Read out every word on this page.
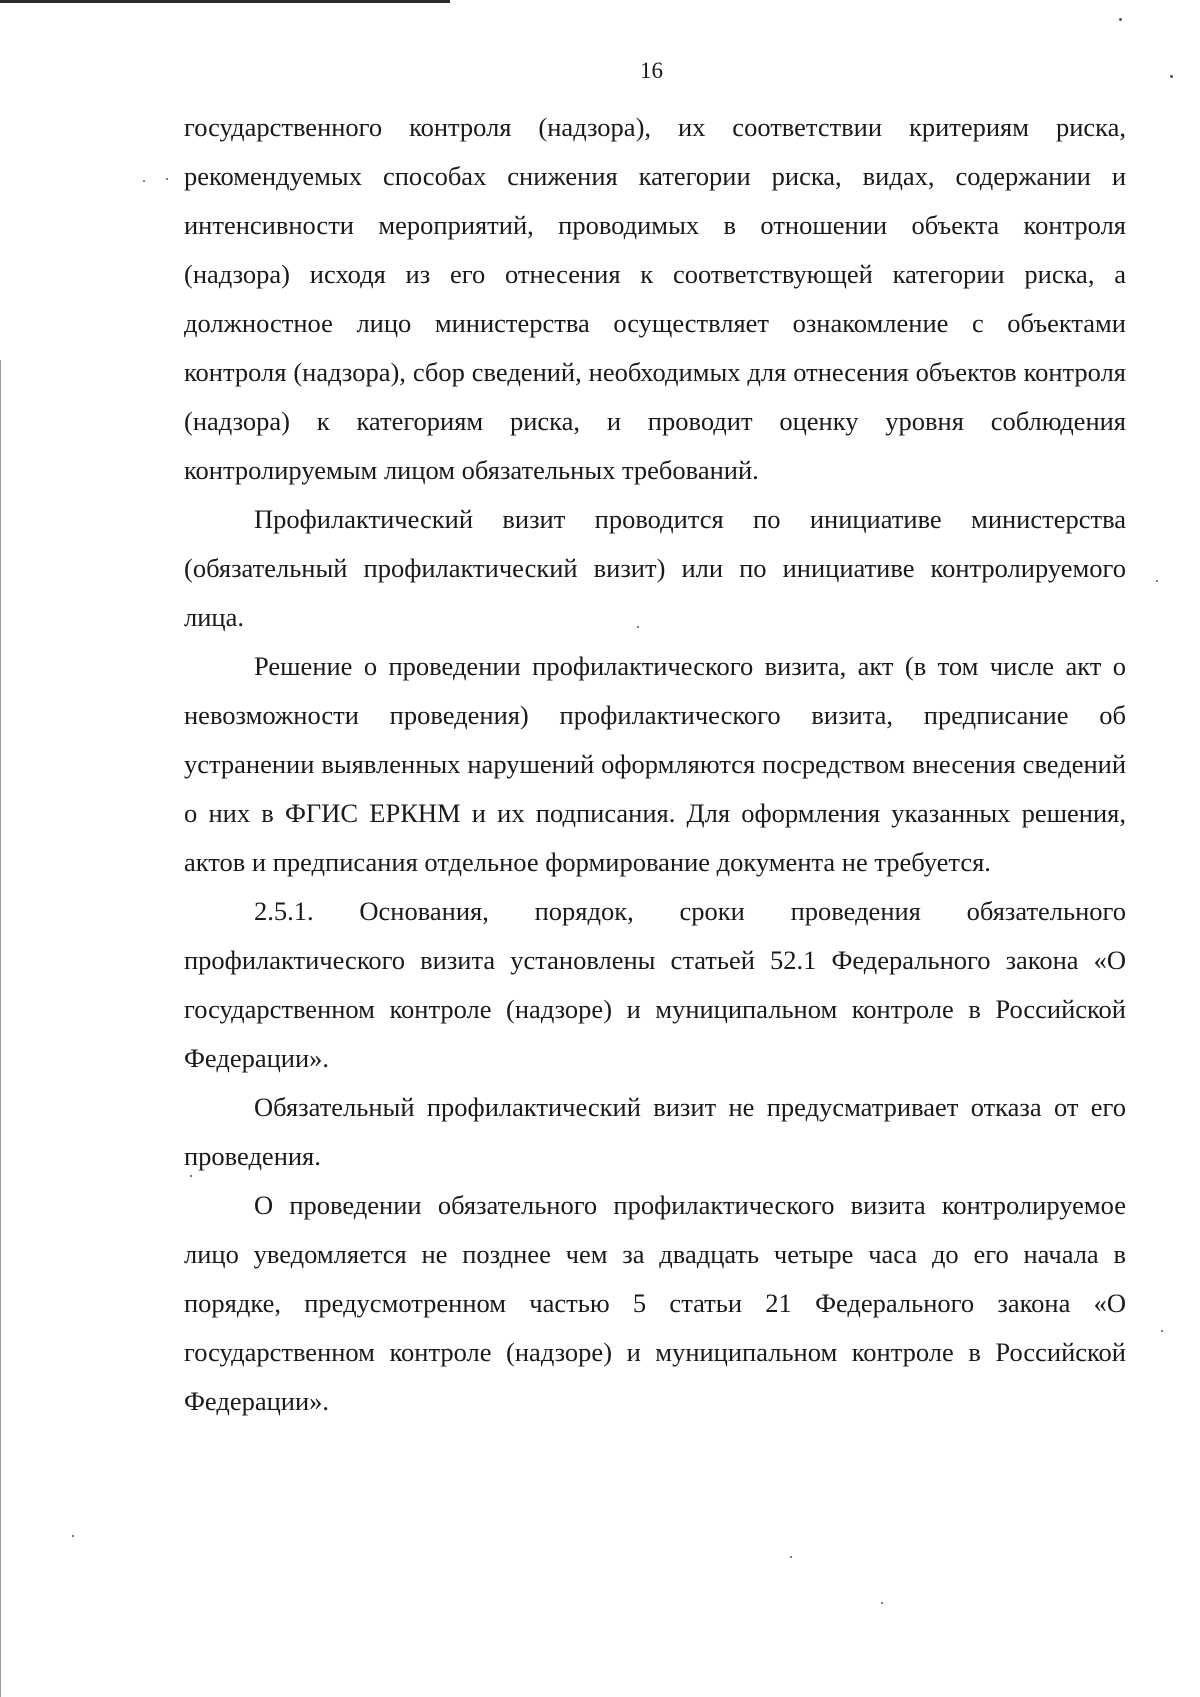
16

государственного контроля (надзора), их соответствии критериям риска, рекомендуемых способах снижения категории риска, видах, содержании и интенсивности мероприятий, проводимых в отношении объекта контроля (надзора) исходя из его отнесения к соответствующей категории риска, а должностное лицо министерства осуществляет ознакомление с объектами контроля (надзора), сбор сведений, необходимых для отнесения объектов контроля (надзора) к категориям риска, и проводит оценку уровня соблюдения контролируемым лицом обязательных требований.

Профилактический визит проводится по инициативе министерства (обязательный профилактический визит) или по инициативе контролируемого лица.

Решение о проведении профилактического визита, акт (в том числе акт о невозможности проведения) профилактического визита, предписание об устранении выявленных нарушений оформляются посредством внесения сведений о них в ФГИС ЕРКНМ и их подписания. Для оформления указанных решения, актов и предписания отдельное формирование документа не требуется.

2.5.1. Основания, порядок, сроки проведения обязательного профилактического визита установлены статьей 52.1 Федерального закона «О государственном контроле (надзоре) и муниципальном контроле в Российской Федерации».

Обязательный профилактический визит не предусматривает отказа от его проведения.

О проведении обязательного профилактического визита контролируемое лицо уведомляется не позднее чем за двадцать четыре часа до его начала в порядке, предусмотренном частью 5 статьи 21 Федерального закона «О государственном контроле (надзоре) и муниципальном контроле в Российской Федерации».
